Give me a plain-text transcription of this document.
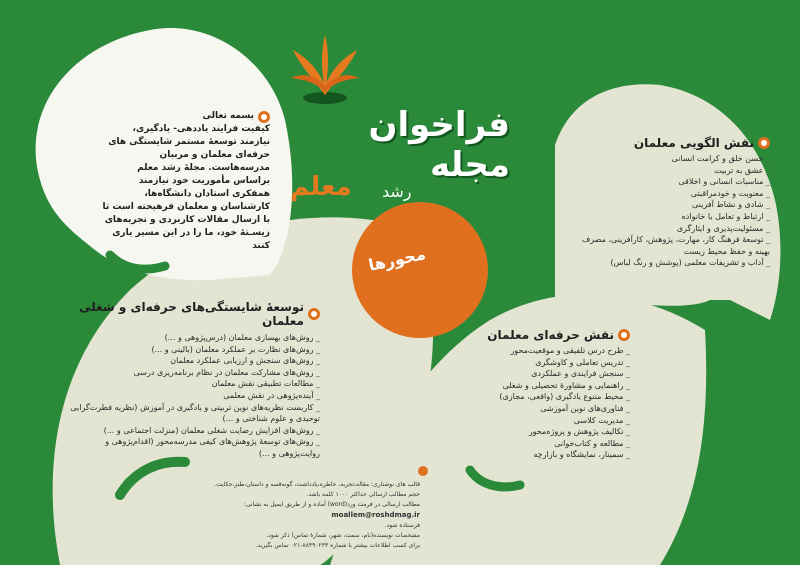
فراخوان مجله
معلم رشد
محورها
بسمه تعالی
کیفیت فرایند یاددهی- یادگیری، نیازمند توسعهٔ مستمر شایستگی های حرفه‌ای معلمان و مربیان مدرسه‌هاست. مجلهٔ رشد معلم براساس مأموریت خود نیازمند همفکری استادان دانشگاه‌ها، کارشناسان و معلمان فرهیخته است تا با ارسال مقالات کاربردی و تجربه‌های زیسـتهٔ خود، ما را در این مسیر یاری کنند
نقش الگویی معلمان
_ حسن خلق و کرامت انسانی
_ عشق به تربیت
_ مناسبات انسانی و اخلاقی
_ معنویت و خودمراقبتی
_ شادی و نشاط آفرینی
_ ارتباط و تعامل با خانواده
_ مسئولیت‌پذیری و ایثارگری
_ توسعهٔ فرهنگ کار، مهارت، پژوهش، کارآفرینی، مصرف بهینه و حفظ محیط زیست
_ آداب و تشریفات معلمی (پوشش و رنگ لباس)
نقش حرفه‌ای معلمان
_ طرح درس تلفیقی و موقعیت‌محور
_ تدریس تعاملی و کاوشگری
_ سنجش فرایندی و عملکردی
_ راهنمایی و مشاورهٔ تحصیلی و شغلی
_ محیط متنوع یادگیری (واقعی، مجازی)
_ فناوری‌های نوین آموزشی
_ مدیریت کلاسی
_ تکالیف پژوهش و پروژه‌محور
_ مطالعه و کتاب‌خوانی
_ سمینار، نمایشگاه و بازارچه
توسعهٔ شایستگی‌های حرفه‌ای و شغلی معلمان
_ روش‌های بهسازی معلمان (درس‌پژوهی و ...)
_ روش‌های نظارت بر عملکرد معلمان (بالینی و ...)
_ روش‌های سنجش و ارزیابی عملکرد معلمان
_ روش‌های مشارکت معلمان در نظام برنامه‌ریزی درسی
_ مطالعات تطبیقی نقش معلمان
_ آینده‌پژوهی در نقش معلمی
_ کاربست نظریه‌های نوین تربیتی و یادگیری در آموزش (نظریه فطرت‌گرایی توحیدی و علوم شناختی و ...)
_ روش‌های افزایش رضایت شغلی معلمان (منزلت اجتماعی و ...)
_ روش‌های توسعهٔ پژوهش‌های کیفی مدرسه‌محور (اقدام‌پژوهی و روایت‌پژوهی و ...)
قالب های نوشتاری: مقاله،تجربه، خاطره،یادداشت، گونه‌قصه و داستان،طنز،حکایت.
حجم مطالب ارسالی حداکثر ۱۰۰۰ کلمه باشد.
مطالب ارسالی در فرمت ورد(word) آماده و از طریق ایمیل به نشانی: moallem@roshdmag.ir
فرستاده شود.
مشخصات نویسنده(نام، سمت، شهر، شمارهٔ تماس) ذکر شود.
برای کسب اطلاعات بیشتر با شماره ۸۸۴۹۰۲۳۳-۰۲۱ تماس بگیرید.
